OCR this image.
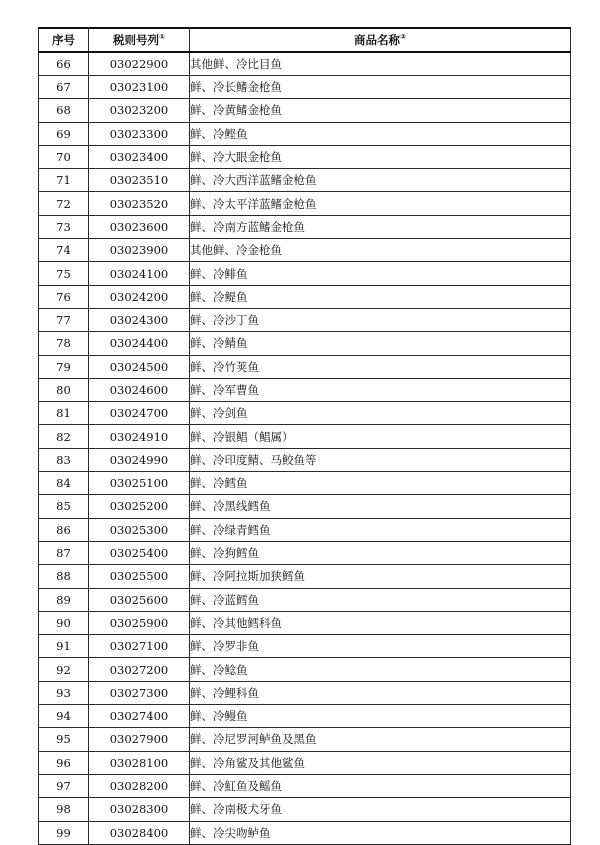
序号	税则号列①	商品名称②
66	03022900	其他鲜、冷比目鱼
67	03023100	鲜、冷长鳍金枪鱼
68	03023200	鲜、冷黄鳍金枪鱼
69	03023300	鲜、冷鲣鱼
70	03023400	鲜、冷大眼金枪鱼
71	03023510	鲜、冷大西洋蓝鳍金枪鱼
72	03023520	鲜、冷太平洋蓝鳍金枪鱼
73	03023600	鲜、冷南方蓝鳍金枪鱼
74	03023900	其他鲜、冷金枪鱼
75	03024100	鲜、冷鲱鱼
76	03024200	鲜、冷鳀鱼
77	03024300	鲜、冷沙丁鱼
78	03024400	鲜、冷鲭鱼
79	03024500	鲜、冷竹荚鱼
80	03024600	鲜、冷军曹鱼
81	03024700	鲜、冷剑鱼
82	03024910	鲜、冷银鲳（鲳属）
83	03024990	鲜、冷印度鲭、马鲛鱼等
84	03025100	鲜、冷鳕鱼
85	03025200	鲜、冷黑线鳕鱼
86	03025300	鲜、冷绿青鳕鱼
87	03025400	鲜、冷狗鳕鱼
88	03025500	鲜、冷阿拉斯加狭鳕鱼
89	03025600	鲜、冷蓝鳕鱼
90	03025900	鲜、冷其他鳕科鱼
91	03027100	鲜、冷罗非鱼
92	03027200	鲜、冷鲶鱼
93	03027300	鲜、冷鲤科鱼
94	03027400	鲜、冷鳗鱼
95	03027900	鲜、冷尼罗河鲈鱼及黑鱼
96	03028100	鲜、冷角鲨及其他鲨鱼
97	03028200	鲜、冷魟鱼及鳐鱼
98	03028300	鲜、冷南极犬牙鱼
99	03028400	鲜、冷尖吻鲈鱼
